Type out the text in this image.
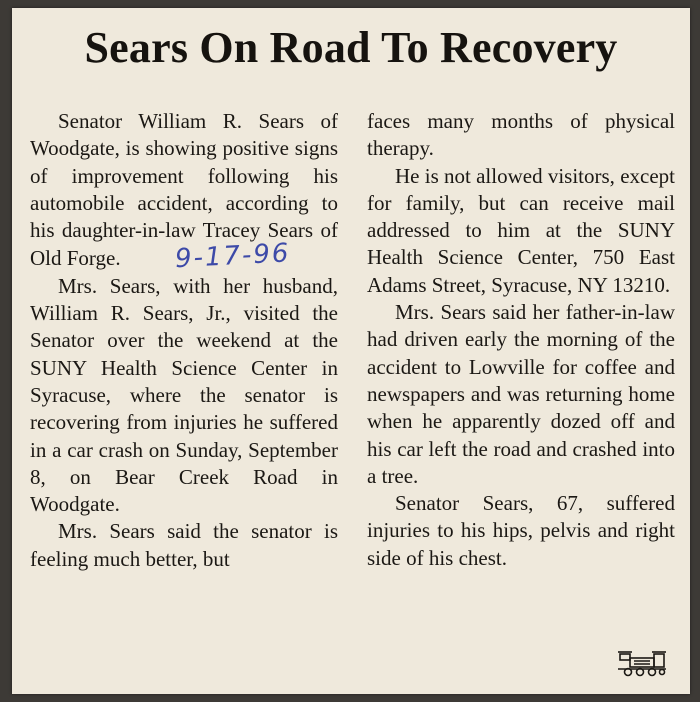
Sears On Road To Recovery

Senator William R. Sears of Woodgate, is showing positive signs of improvement following his automobile accident, according to his daughter-in-law Tracey Sears of Old Forge. 9-17-96

Mrs. Sears, with her husband, William R. Sears, Jr., visited the Senator over the weekend at the SUNY Health Science Center in Syracuse, where the senator is recovering from injuries he suffered in a car crash on Sunday, September 8, on Bear Creek Road in Woodgate.

Mrs. Sears said the senator is feeling much better, but

faces many months of physical therapy.

He is not allowed visitors, except for family, but can receive mail addressed to him at the SUNY Health Science Center, 750 East Adams Street, Syracuse, NY 13210.

Mrs. Sears said her father-in-law had driven early the morning of the accident to Lowville for coffee and newspapers and was returning home when he apparently dozed off and his car left the road and crashed into a tree.

Senator Sears, 67, suffered injuries to his hips, pelvis and right side of his chest.
